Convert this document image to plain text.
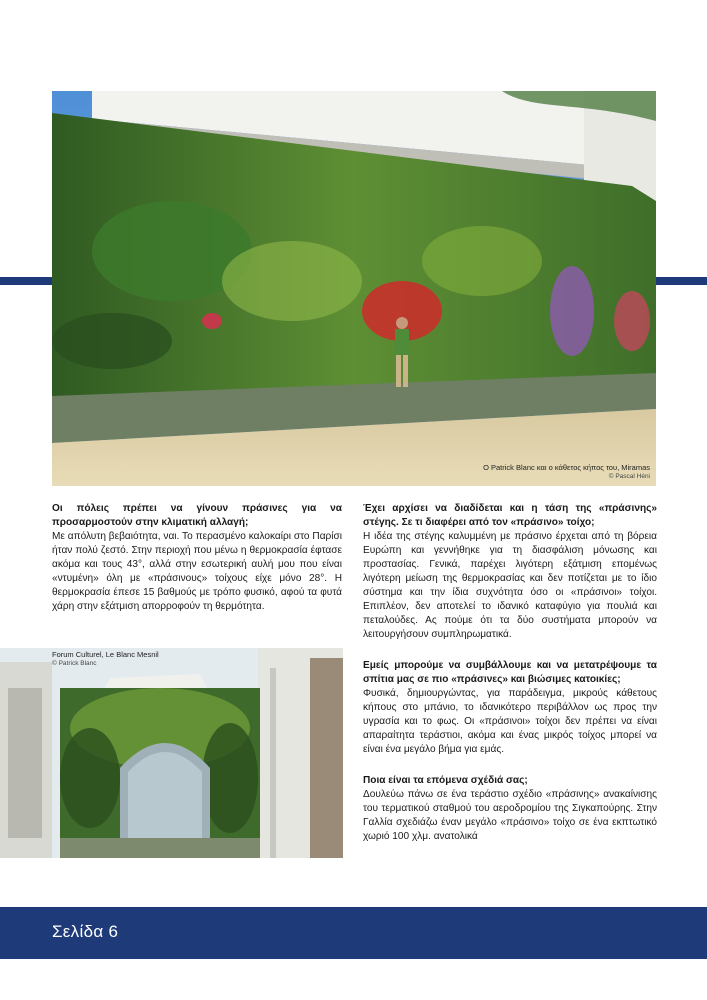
Ο Patrick Blanc και ο κάθετος κήπος του, Miramas
© Pascal Héni

Οι πόλεις πρέπει να γίνουν πράσινες για να προσαρμοστούν στην κλιματική αλλαγή;

Με απόλυτη βεβαιότητα, ναι. Το περασμένο καλοκαίρι στο Παρίσι ήταν πολύ ζεστό. Στην περιοχή που μένω η θερμοκρασία έφτασε ακόμα και τους 43°, αλλά στην εσωτερική αυλή μου που είναι «ντυμένη» όλη με «πράσινους» τοίχους είχε μόνο 28°. Η θερμοκρασία έπεσε 15 βαθμούς με τρόπο φυσικό, αφού τα φυτά χάρη στην εξάτμιση απορροφούν τη θερμότητα.

Forum Culturel, Le Blanc Mesnil
© Patrick Blanc

Έχει αρχίσει να διαδίδεται και η τάση της «πράσινης» στέγης. Σε τι διαφέρει από τον «πράσινο» τοίχο;

Η ιδέα της στέγης καλυμμένη με πράσινο έρχεται από τη βόρεια Ευρώπη και γεννήθηκε για τη διασφάλιση μόνωσης και προστασίας. Γενικά, παρέχει λιγότερη εξάτμιση επομένως λιγότερη μείωση της θερμοκρασίας και δεν ποτίζεται με το ίδιο σύστημα και την ίδια συχνότητα όσο οι «πράσινοι» τοίχοι. Επιπλέον, δεν αποτελεί το ιδανικό καταφύγιο για πουλιά και πεταλούδες. Ας πούμε ότι τα δύο συστήματα μπορούν να λειτουργήσουν συμπληρωματικά.

Εμείς μπορούμε να συμβάλλουμε και να μετατρέψουμε τα σπίτια μας σε πιο «πράσινες» και βιώσιμες κατοικίες;

Φυσικά, δημιουργώντας, για παράδειγμα, μικρούς κάθετους κήπους στο μπάνιο, το ιδανικότερο περιβάλλον ως προς την υγρασία και το φως. Οι «πράσινοι» τοίχοι δεν πρέπει να είναι απαραίτητα τεράστιοι, ακόμα και ένας μικρός τοίχος μπορεί να είναι ένα μεγάλο βήμα για εμάς.

Ποια είναι τα επόμενα σχέδιά σας;

Δουλεύω πάνω σε ένα τεράστιο σχέδιο «πράσινης» ανακαίνισης του τερματικού σταθμού του αεροδρομίου της Σιγκαπούρης. Στην Γαλλία σχεδιάζω έναν μεγάλο «πράσινο» τοίχο σε ένα εκπτωτικό χωριό 100 χλμ. ανατολικά

Σελίδα 6
